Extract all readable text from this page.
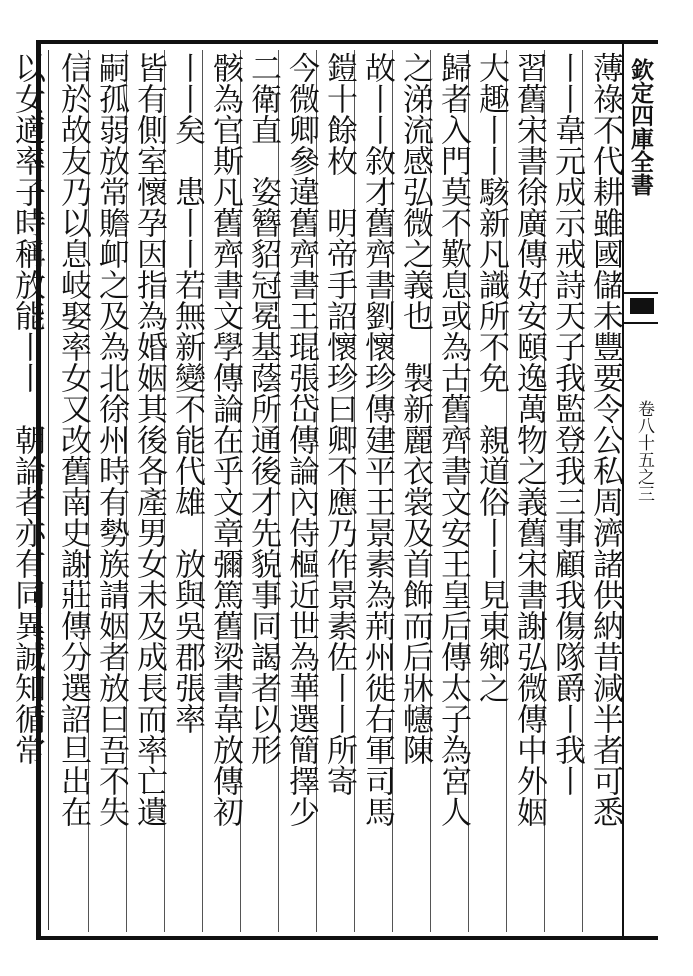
欽定四庫全書
卷八十五之三
薄祿不代耕雖國儲未豐要令公私周濟諸供納昔減半者可悉
丨丨韋元成示戒詩天子我監登我三事顧我傷隊爵丨我丨
習舊宋書徐廣傳好安頤逸萬物之義舊宋書謝弘微傳中外姻
大趣丨丨駭新凡識所不免　親道俗丨丨見東鄉之
歸者入門莫不歎息或為古舊齊書文安王皇后傳太子為宮人
之涕流感弘微之義也　製新麗衣裳及首飾而后牀幰陳
故丨丨敘才舊齊書劉懷珍傳建平王景素為荊州徙右軍司馬
鎧十餘枚　明帝手詔懷珍曰卿不應乃作景素佐丨丨所寄
今微卿參違舊齊書王琨張岱傳論內侍樞近世為華選簡擇少
二衛直　姿簪貂冠冕基蔭所通後才先貌事同謁者以形
骸為官斯凡舊齊書文學傳論在乎文章彌篤舊梁書韋放傳初
丨丨矣　患丨丨若無新變不能代雄　放與吳郡張率
皆有側室懷孕因指為婚姻其後各產男女未及成長而率亡遺
嗣孤弱放常贍卹之及為北徐州時有勢族請姻者放曰吾不失
信於故友乃以息岐娶率女又改舊南史謝莊傳分選詔旦出在
以女適率子時稱放能丨丨　朝論者亦有同異誠知循常
